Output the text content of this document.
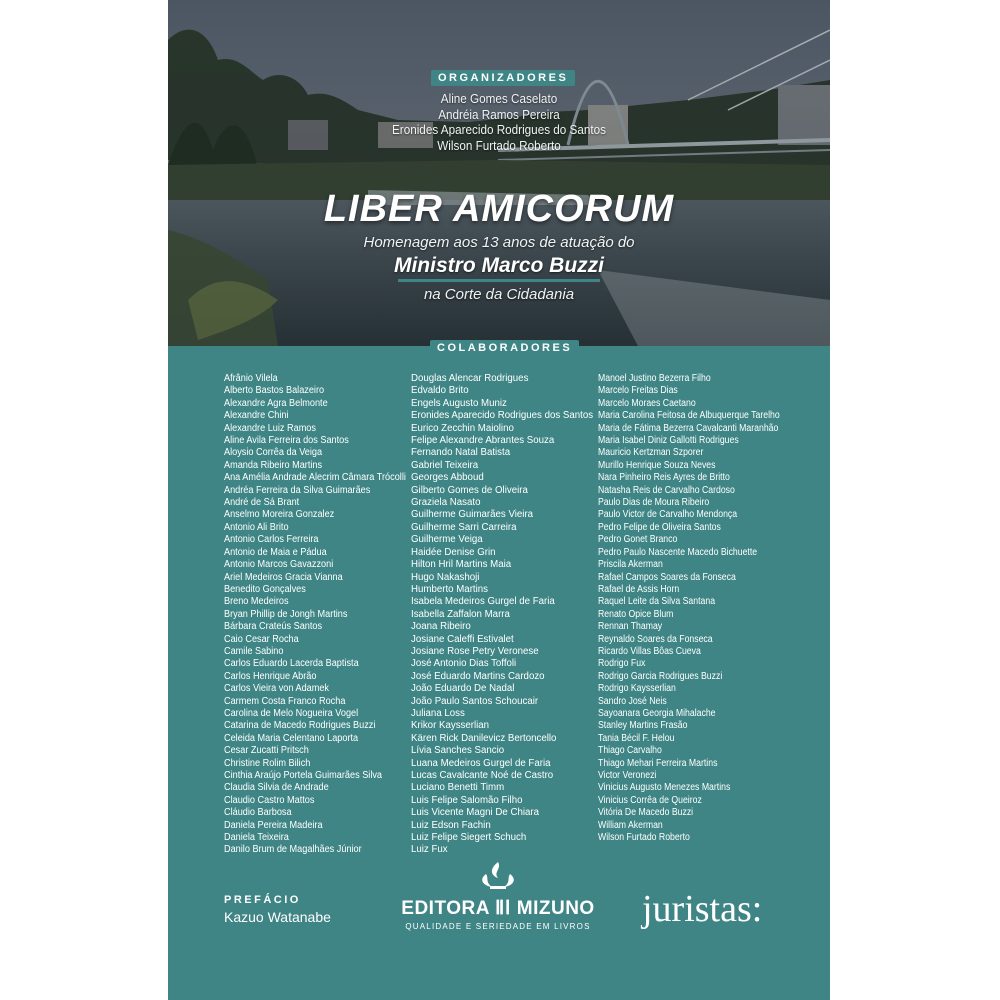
ORGANIZADORES
Aline Gomes Caselato
Andréia Ramos Pereira
Eronides Aparecido Rodrigues do Santos
Wilson Furtado Roberto
LIBER AMICORUM
Homenagem aos 13 anos de atuação do
Ministro Marco Buzzi
na Corte da Cidadania
COLABORADORES
Afrânio Vilela
Alberto Bastos Balazeiro
Alexandre Agra Belmonte
Alexandre Chini
Alexandre Luiz Ramos
Aline Avila Ferreira dos Santos
Aloysio Corrêa da Veiga
Amanda Ribeiro Martins
Ana Amélia Andrade Alecrim Câmara Trócolli
Andréa Ferreira da Silva Guimarães
André de Sá Brant
Anselmo Moreira Gonzalez
Antonio Ali Brito
Antonio Carlos Ferreira
Antonio de Maia e Pádua
Antonio Marcos Gavazzoni
Ariel Medeiros Gracia Vianna
Benedito Gonçalves
Breno Medeiros
Bryan Phillip de Jongh Martins
Bárbara Crateús Santos
Caio Cesar Rocha
Camile Sabino
Carlos Eduardo Lacerda Baptista
Carlos Henrique Abrão
Carlos Vieira von Adamek
Carmem Costa Franco Rocha
Carolina de Melo Nogueira Vogel
Catarina de Macedo Rodrigues Buzzi
Celeida Maria Celentano Laporta
Cesar Zucatti Pritsch
Christine Rolim Bilich
Cinthia Araújo Portela Guimarães Silva
Claudia Silvia de Andrade
Claudio Castro Mattos
Cláudio Barbosa
Daniela Pereira Madeira
Daniela Teixeira
Danilo Brum de Magalhães Júnior
Douglas Alencar Rodrigues
Edvaldo Brito
Engels Augusto Muniz
Eronides Aparecido Rodrigues dos Santos
Eurico Zecchin Maiolino
Felipe Alexandre Abrantes Souza
Fernando Natal Batista
Gabriel Teixeira
Georges Abboud
Gilberto Gomes de Oliveira
Graziela Nasato
Guilherme Guimarães Vieira
Guilherme Sarri Carreira
Guilherme Veiga
Haidée Denise Grin
Hilton Hril Martins Maia
Hugo Nakashoji
Humberto Martins
Isabela Medeiros Gurgel de Faria
Isabella Zaffalon Marra
Joana Ribeiro
Josiane Caleffi Estivalet
Josiane Rose Petry Veronese
José Antonio Dias Toffoli
José Eduardo Martins Cardozo
João Eduardo De Nadal
João Paulo Santos Schoucair
Juliana Loss
Krikor Kaysserlian
Kären Rick Danilevicz Bertoncello
Lívia Sanches Sancio
Luana Medeiros Gurgel de Faria
Lucas Cavalcante Noé de Castro
Luciano Benetti Timm
Luis Felipe Salomão Filho
Luis Vicente Magni De Chiara
Luiz Edson Fachin
Luiz Felipe Siegert Schuch
Luiz Fux
Manoel Justino Bezerra Filho
Marcelo Freitas Dias
Marcelo Moraes Caetano
Maria Carolina Feitosa de Albuquerque Tarelho
Maria de Fátima Bezerra Cavalcanti Maranhão
Maria Isabel Diniz Gallotti Rodrigues
Mauricio Kertzman Szporer
Murillo Henrique Souza Neves
Nara Pinheiro Reis Ayres de Britto
Natasha Reis de Carvalho Cardoso
Paulo Dias de Moura Ribeiro
Paulo Victor de Carvalho Mendonça
Pedro Felipe de Oliveira Santos
Pedro Gonet Branco
Pedro Paulo Nascente Macedo Bichuette
Priscila Akerman
Rafael Campos Soares da Fonseca
Rafael de Assis Horn
Raquel Leite da Silva Santana
Renato Opice Blum
Rennan Thamay
Reynaldo Soares da Fonseca
Ricardo Villas Bôas Cueva
Rodrigo Fux
Rodrigo Garcia Rodrigues Buzzi
Rodrigo Kaysserlian
Sandro José Neis
Sayoanara Georgia Mihalache
Stanley Martins Frasão
Tania Bécil F. Helou
Thiago Carvalho
Thiago Mehari Ferreira Martins
Victor Veronezi
Vinicius Augusto Menezes Martins
Vinicius Corrêa de Queiroz
Vitória De Macedo Buzzi
William Akerman
Wilson Furtado Roberto
PREFÁCIO
Kazuo Watanabe	EDITORA ⅡⅠ MIZUNO
QUALIDADE E SERIEDADE EM LIVROS	juristas:
